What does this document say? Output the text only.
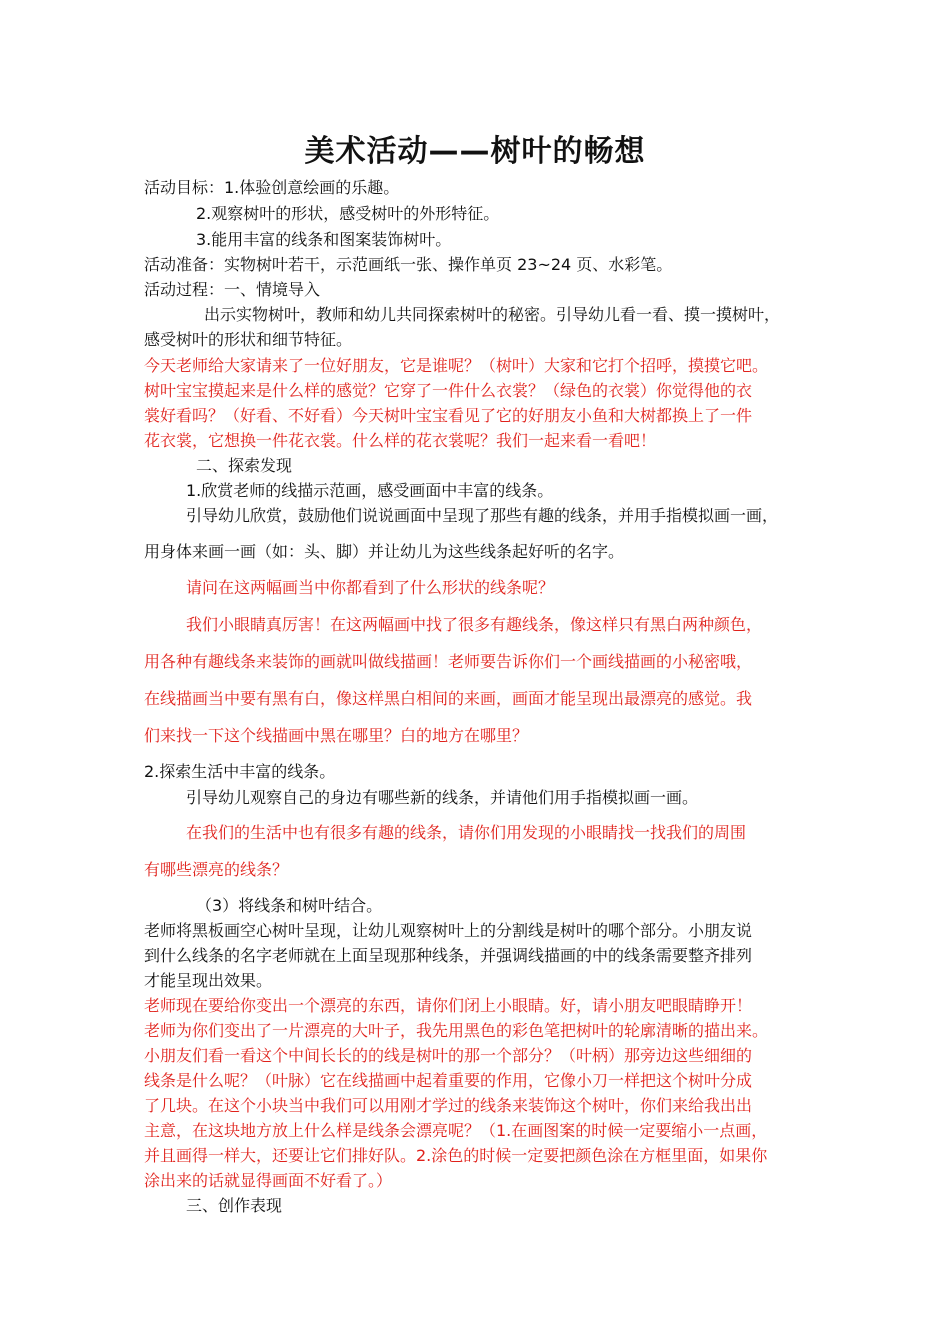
美术活动——树叶的畅想
活动目标：1.体验创意绘画的乐趣。
2.观察树叶的形状，感受树叶的外形特征。
3.能用丰富的线条和图案装饰树叶。
活动准备：实物树叶若干，示范画纸一张、操作单页 23~24 页、水彩笔。
活动过程：一、情境导入
出示实物树叶，教师和幼儿共同探索树叶的秘密。引导幼儿看一看、摸一摸树叶，
感受树叶的形状和细节特征。
今天老师给大家请来了一位好朋友，它是谁呢？（树叶）大家和它打个招呼，摸摸它吧。
树叶宝宝摸起来是什么样的感觉？它穿了一件什么衣裳？（绿色的衣裳）你觉得他的衣
裳好看吗？（好看、不好看）今天树叶宝宝看见了它的好朋友小鱼和大树都换上了一件
花衣裳，它想换一件花衣裳。什么样的花衣裳呢？我们一起来看一看吧！
二、探索发现
1.欣赏老师的线描示范画，感受画面中丰富的线条。
引导幼儿欣赏，鼓励他们说说画面中呈现了那些有趣的线条，并用手指模拟画一画，
用身体来画一画（如：头、脚）并让幼儿为这些线条起好听的名字。
请问在这两幅画当中你都看到了什么形状的线条呢？
我们小眼睛真厉害！在这两幅画中找了很多有趣线条，像这样只有黑白两种颜色，
用各种有趣线条来装饰的画就叫做线描画！老师要告诉你们一个画线描画的小秘密哦，
在线描画当中要有黑有白，像这样黑白相间的来画，画面才能呈现出最漂亮的感觉。我
们来找一下这个线描画中黑在哪里？白的地方在哪里？
2.探索生活中丰富的线条。
引导幼儿观察自己的身边有哪些新的线条，并请他们用手指模拟画一画。
在我们的生活中也有很多有趣的线条，请你们用发现的小眼睛找一找我们的周围
有哪些漂亮的线条？
（3）将线条和树叶结合。
老师将黑板画空心树叶呈现，让幼儿观察树叶上的分割线是树叶的哪个部分。小朋友说
到什么线条的名字老师就在上面呈现那种线条，并强调线描画的中的线条需要整齐排列
才能呈现出效果。
老师现在要给你变出一个漂亮的东西，请你们闭上小眼睛。好，请小朋友吧眼睛睁开！
老师为你们变出了一片漂亮的大叶子，我先用黑色的彩色笔把树叶的轮廓清晰的描出来。
小朋友们看一看这个中间长长的的线是树叶的那一个部分？（叶柄）那旁边这些细细的
线条是什么呢？（叶脉）它在线描画中起着重要的作用，它像小刀一样把这个树叶分成
了几块。在这个小块当中我们可以用刚才学过的线条来装饰这个树叶，你们来给我出出
主意，在这块地方放上什么样是线条会漂亮呢？（1.在画图案的时候一定要缩小一点画，
并且画得一样大，还要让它们排好队。2.涂色的时候一定要把颜色涂在方框里面，如果你
涂出来的话就显得画面不好看了。）
三、创作表现
